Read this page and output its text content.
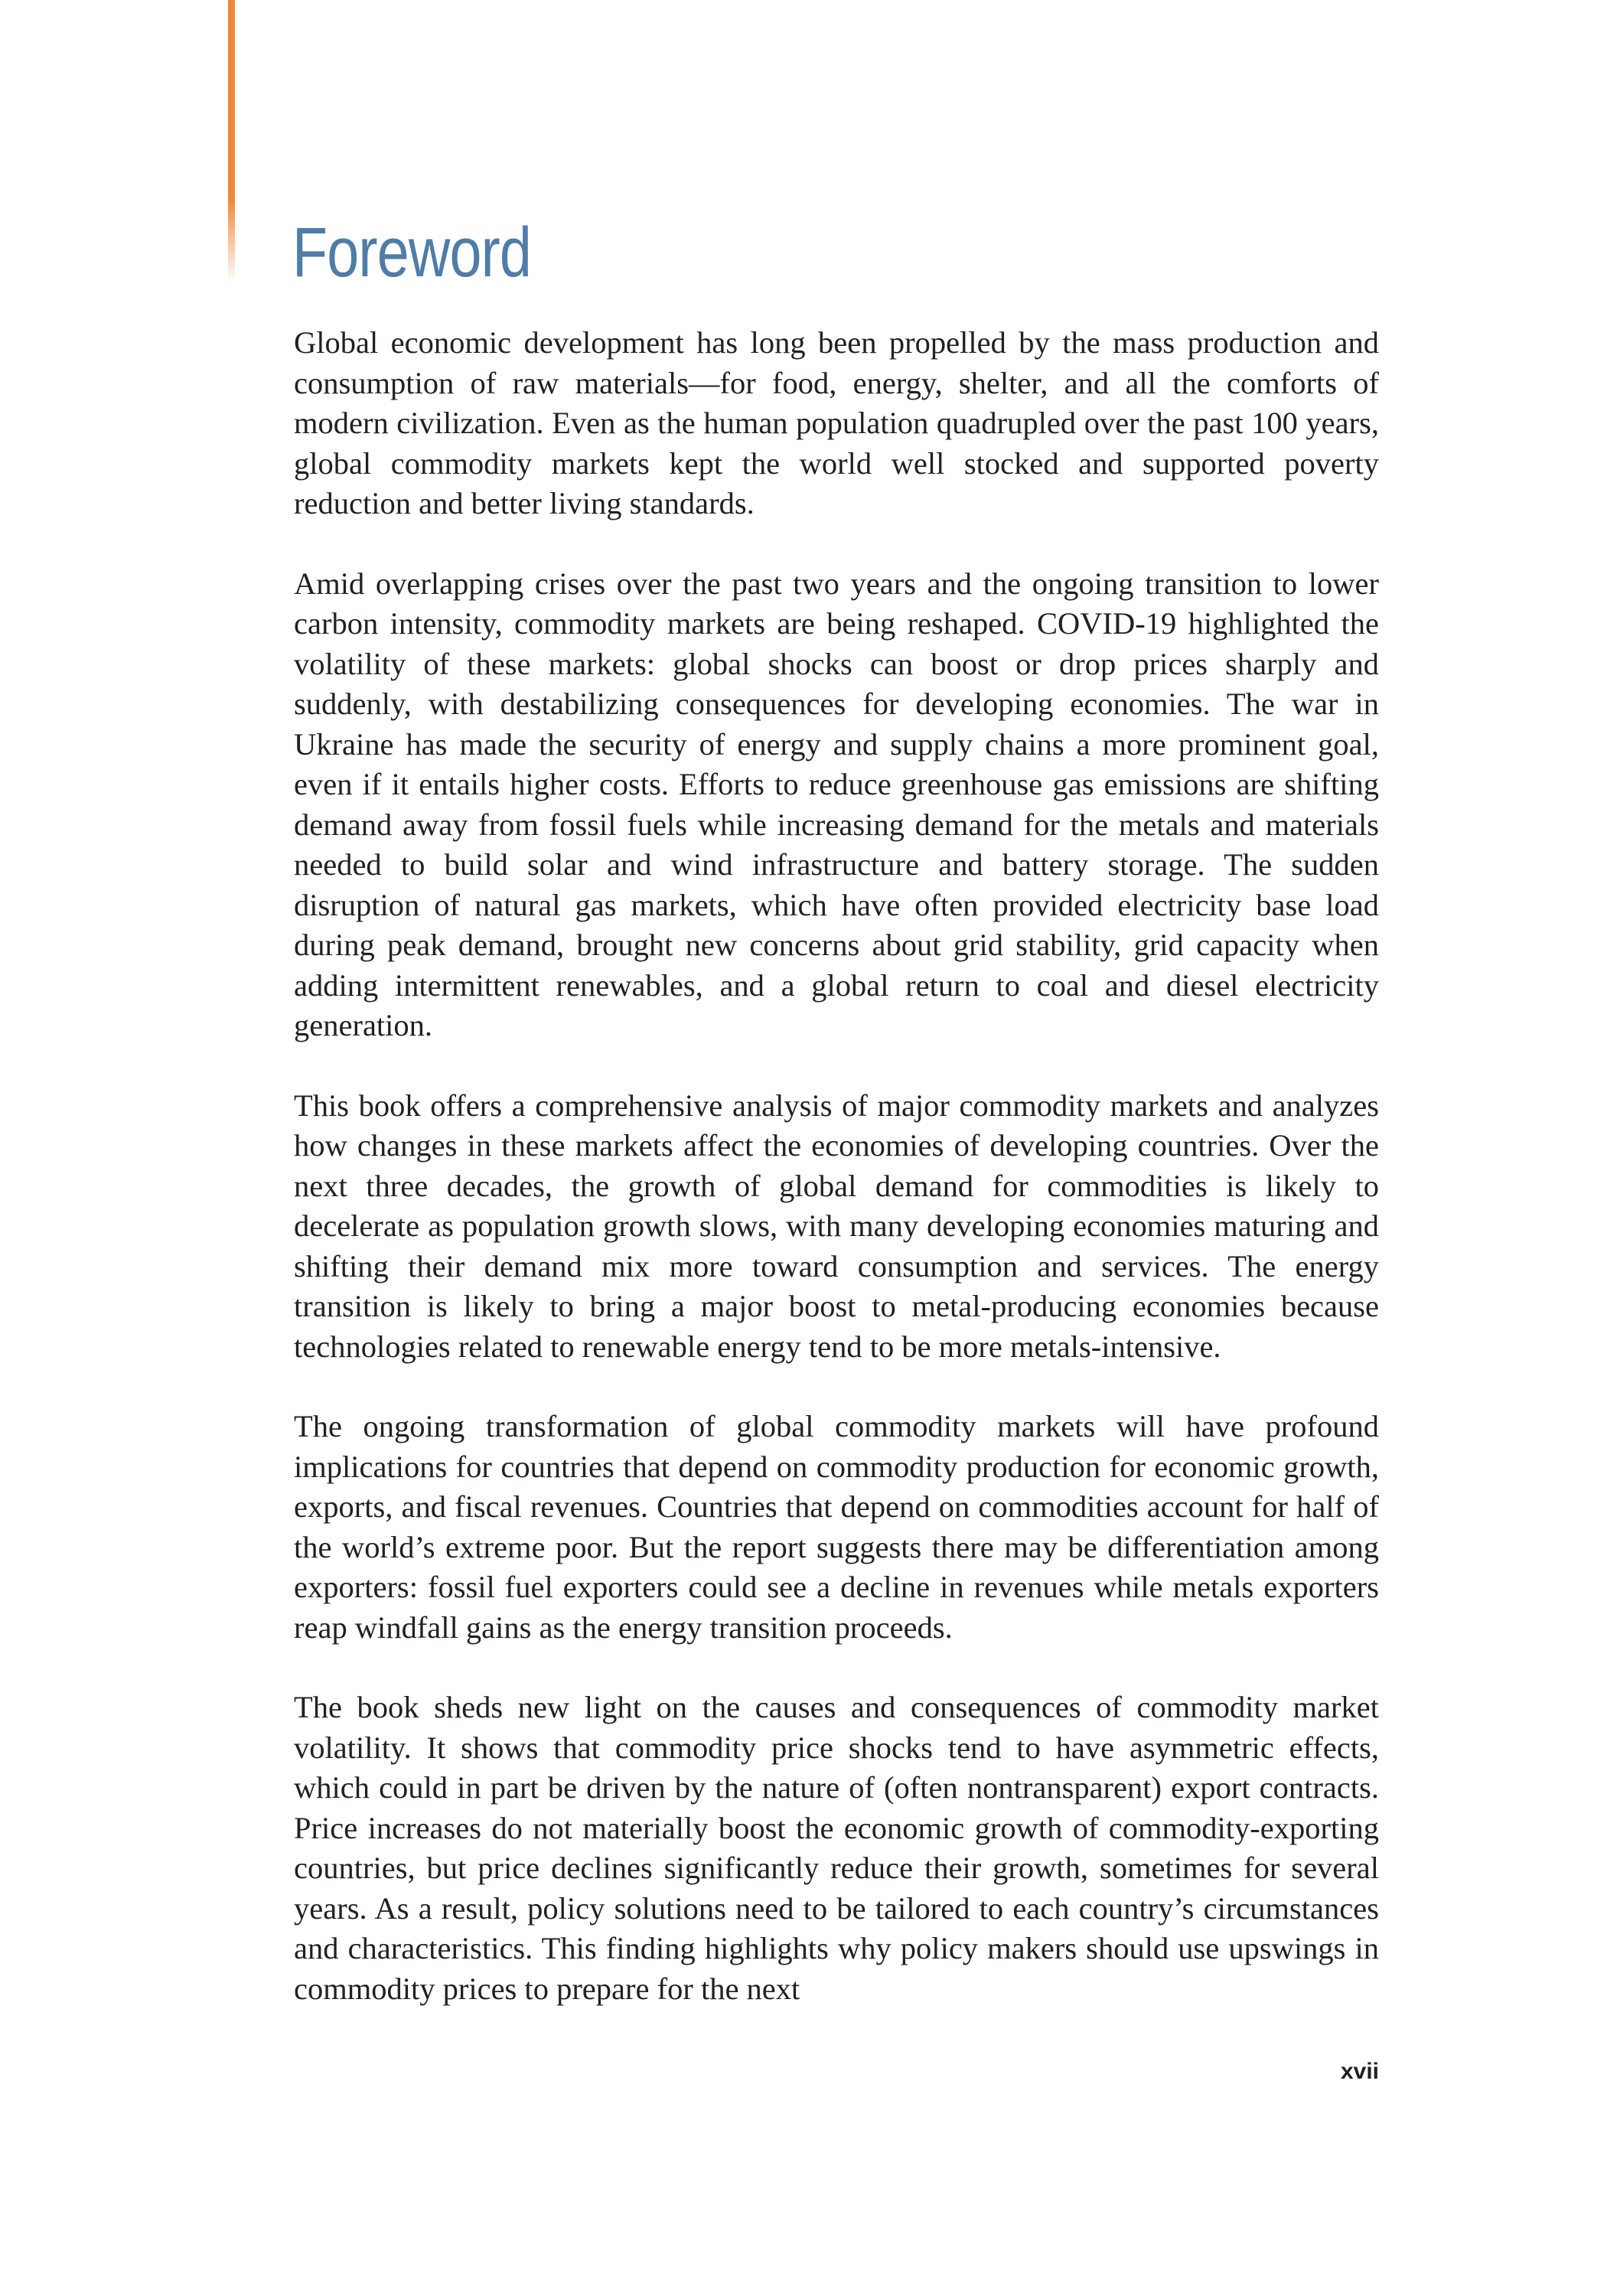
Foreword

Global economic development has long been propelled by the mass production and consumption of raw materials—for food, energy, shelter, and all the comforts of modern civilization. Even as the human population quadrupled over the past 100 years, global commodity markets kept the world well stocked and supported poverty reduction and better living standards.

Amid overlapping crises over the past two years and the ongoing transition to lower carbon intensity, commodity markets are being reshaped. COVID-19 highlighted the volatility of these markets: global shocks can boost or drop prices sharply and suddenly, with destabilizing consequences for developing economies. The war in Ukraine has made the security of energy and supply chains a more prominent goal, even if it entails higher costs. Efforts to reduce greenhouse gas emissions are shifting demand away from fossil fuels while increasing demand for the metals and materials needed to build solar and wind infrastructure and battery storage. The sudden disruption of natural gas markets, which have often provided electricity base load during peak demand, brought new concerns about grid stability, grid capacity when adding intermittent renewables, and a global return to coal and diesel electricity generation.

This book offers a comprehensive analysis of major commodity markets and analyzes how changes in these markets affect the economies of developing countries. Over the next three decades, the growth of global demand for commodities is likely to decelerate as population growth slows, with many developing economies maturing and shifting their demand mix more toward consumption and services. The energy transition is likely to bring a major boost to metal-producing economies because technologies related to renewable energy tend to be more metals-intensive.

The ongoing transformation of global commodity markets will have profound implications for countries that depend on commodity production for economic growth, exports, and fiscal revenues. Countries that depend on commodities account for half of the world’s extreme poor. But the report suggests there may be differentiation among exporters: fossil fuel exporters could see a decline in revenues while metals exporters reap windfall gains as the energy transition proceeds.

The book sheds new light on the causes and consequences of commodity market volatility. It shows that commodity price shocks tend to have asymmetric effects, which could in part be driven by the nature of (often nontransparent) export contracts. Price increases do not materially boost the economic growth of commodity-exporting countries, but price declines significantly reduce their growth, sometimes for several years. As a result, policy solutions need to be tailored to each country’s circumstances and characteristics. This finding highlights why policy makers should use upswings in commodity prices to prepare for the next

xvii
